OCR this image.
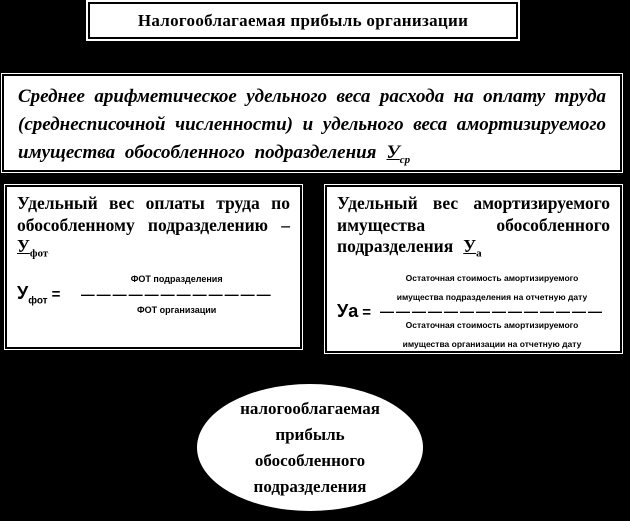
Налогооблагаемая прибыль организации
Среднее арифметическое удельного веса расхода на оплату труда
(среднесписочной численности) и удельного веса амортизируемого
имущества обособленного подразделения $У_{ср}$
Удельный вес оплаты труда по
обособленному подразделению –
$У_{фот}$
$У_{фот}$ =
ФОТ подразделения
————————————
ФОТ организации
Удельный вес амортизируемого
имущества обособленного
подразделения $У_а$
Уа =
Остаточная стоимость амортизируемого
имущества подразделения на отчетную дату
——————————————
Остаточная стоимость амортизируемого
имущества организации на отчетную дату
налогооблагаемая
прибыль
обособленного
подразделения
